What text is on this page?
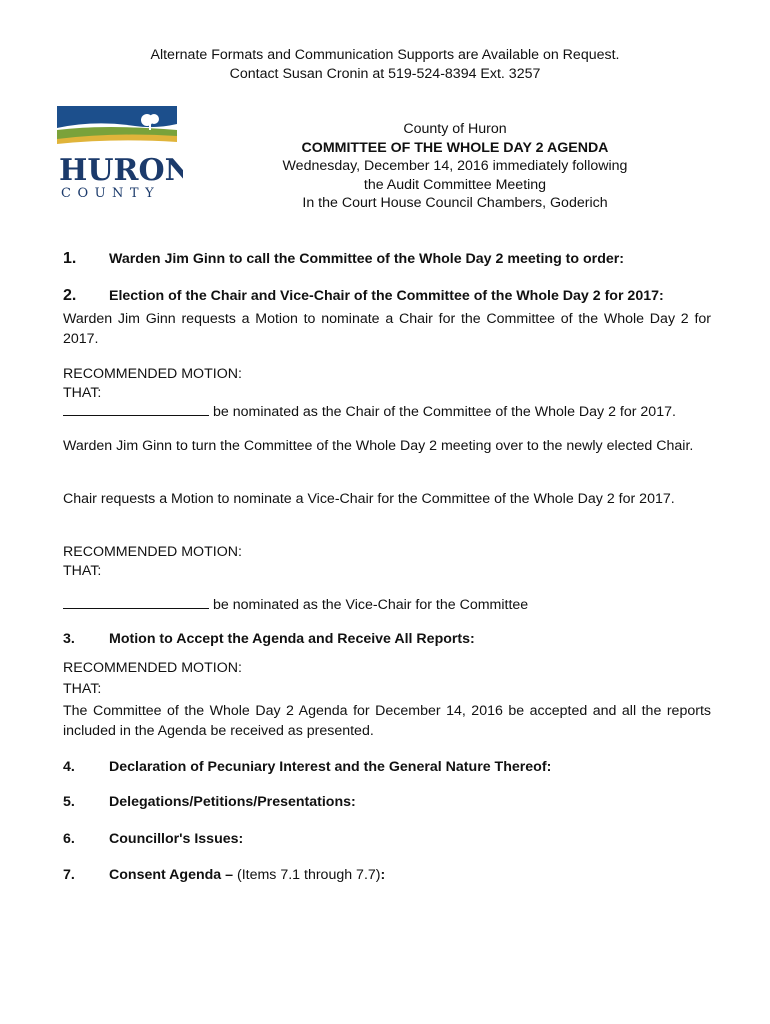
Alternate Formats and Communication Supports are Available on Request.
Contact Susan Cronin at 519-524-8394 Ext. 3257
HURON
COUNTY
County of Huron
COMMITTEE OF THE WHOLE DAY 2 AGENDA
Wednesday, December 14, 2016 immediately following
the Audit Committee Meeting
In the Court House Council Chambers, Goderich
1. Warden Jim Ginn to call the Committee of the Whole Day 2 meeting to order:
2. Election of the Chair and Vice-Chair of the Committee of the Whole Day 2 for 2017:
Warden Jim Ginn requests a Motion to nominate a Chair for the Committee of the Whole Day 2 for 2017.
RECOMMENDED MOTION:
THAT:
be nominated as the Chair of the Committee of the Whole Day 2 for 2017.
Warden Jim Ginn to turn the Committee of the Whole Day 2 meeting over to the newly elected Chair.
Chair requests a Motion to nominate a Vice-Chair for the Committee of the Whole Day 2 for 2017.
RECOMMENDED MOTION:
THAT:
be nominated as the Vice-Chair for the Committee
3. Motion to Accept the Agenda and Receive All Reports:
RECOMMENDED MOTION:
THAT:
The Committee of the Whole Day 2 Agenda for December 14, 2016 be accepted and all the reports included in the Agenda be received as presented.
4. Declaration of Pecuniary Interest and the General Nature Thereof:
5. Delegations/Petitions/Presentations:
6. Councillor's Issues:
7. Consent Agenda – (Items 7.1 through 7.7):
